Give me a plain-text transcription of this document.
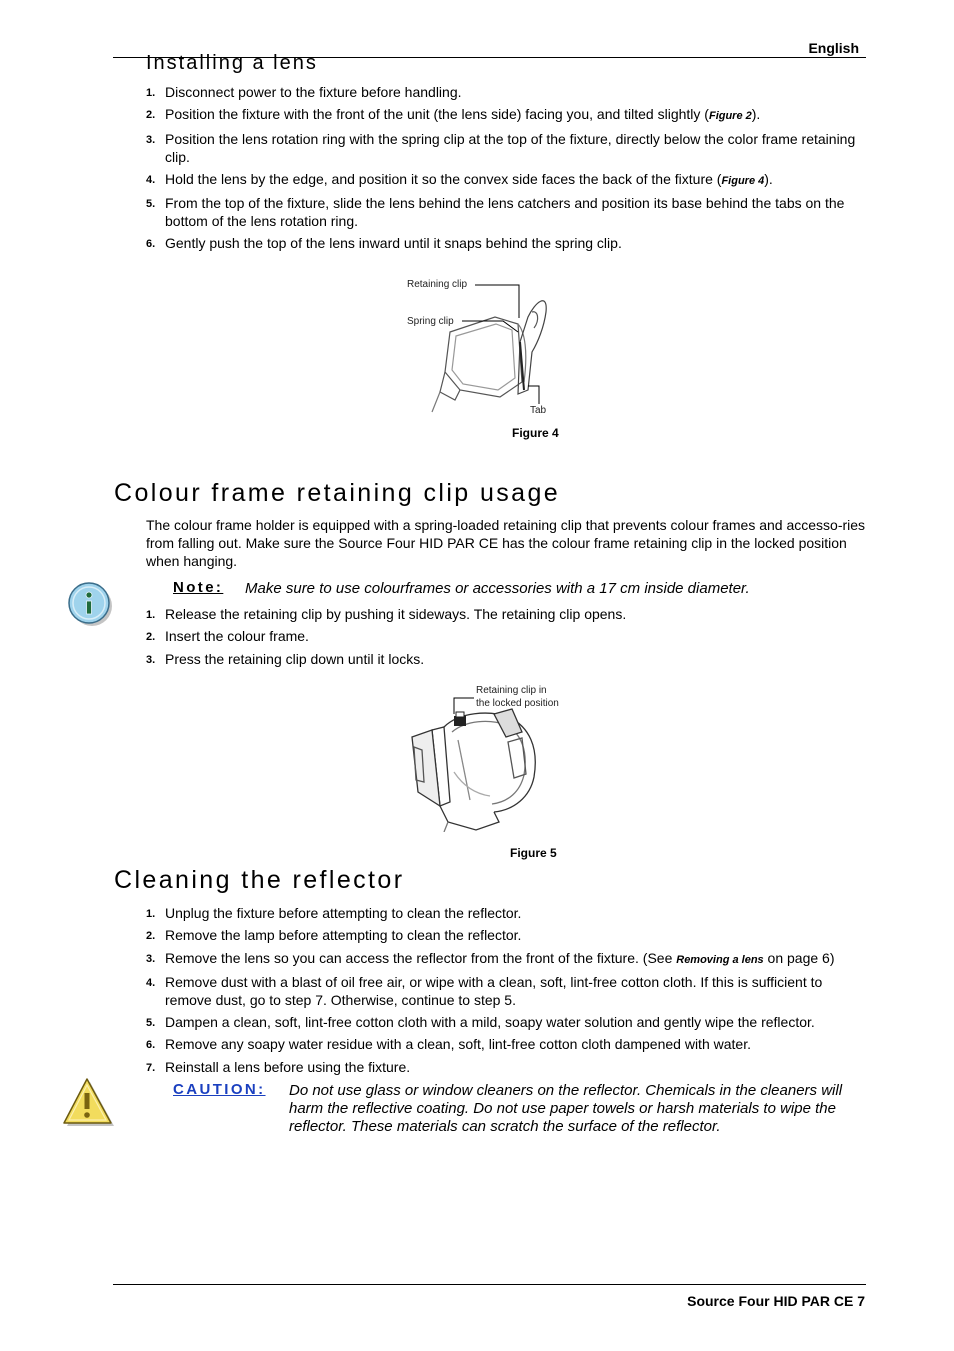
English
Installing a lens
1. Disconnect power to the fixture before handling.
2. Position the fixture with the front of the unit (the lens side) facing you, and tilted slightly (Figure 2).
3. Position the lens rotation ring with the spring clip at the top of the fixture, directly below the color frame retaining clip.
4. Hold the lens by the edge, and position it so the convex side faces the back of the fixture (Figure 4).
5. From the top of the fixture, slide the lens behind the lens catchers and position its base behind the tabs on the bottom of the lens rotation ring.
6. Gently push the top of the lens inward until it snaps behind the spring clip.
Retaining clip
Spring clip
Tab
Figure 4
Colour frame retaining clip usage
The colour frame holder is equipped with a spring-loaded retaining clip that prevents colour frames and accesso-ries from falling out. Make sure the Source Four HID PAR CE has the colour frame retaining clip in the locked position when hanging.
Note: Make sure to use colourframes or accessories with a 17 cm inside diameter.
1. Release the retaining clip by pushing it sideways. The retaining clip opens.
2. Insert the colour frame.
3. Press the retaining clip down until it locks.
Retaining clip in
the locked position
Figure 5
Cleaning the reflector
1. Unplug the fixture before attempting to clean the reflector.
2. Remove the lamp before attempting to clean the reflector.
3. Remove the lens so you can access the reflector from the front of the fixture. (See Removing a lens on page 6)
4. Remove dust with a blast of oil free air, or wipe with a clean, soft, lint-free cotton cloth. If this is sufficient to remove dust, go to step 7. Otherwise, continue to step 5.
5. Dampen a clean, soft, lint-free cotton cloth with a mild, soapy water solution and gently wipe the reflector.
6. Remove any soapy water residue with a clean, soft, lint-free cotton cloth dampened with water.
7. Reinstall a lens before using the fixture.
CAUTION: Do not use glass or window cleaners on the reflector. Chemicals in the cleaners will harm the reflective coating. Do not use paper towels or harsh materials to wipe the reflector. These materials can scratch the surface of the reflector.
Source Four HID PAR CE 7
